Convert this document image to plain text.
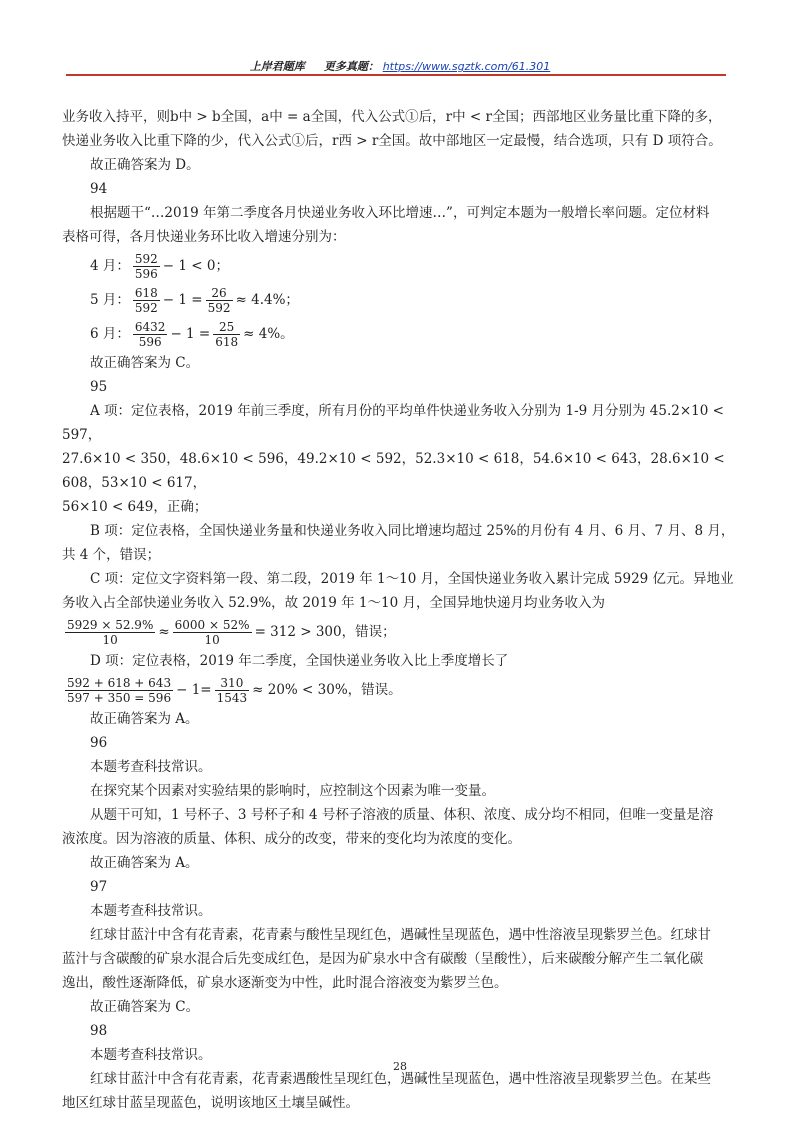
上岸君题库 更多真题： https://www.sgztk.com/61.301

业务收入持平，则b中 > b全国，a中 = a全国，代入公式①后，r中 < r全国；西部地区业务量比重下降的多，

快递业务收入比重下降的少，代入公式①后，r西 > r全国。故中部地区一定最慢，结合选项，只有 D 项符合。

故正确答案为 D。

94

根据题干“…2019 年第二季度各月快递业务收入环比增速…”，可判定本题为一般增长率问题。定位材料

表格可得，各月快递业务环比收入增速分别为：

4 月： $\frac{592}{596} - 1 < 0$；

5 月： $\frac{618}{592} - 1 = \frac{26}{592} \approx 4.4\%$；

6 月： $\frac{6432}{596} - 1 = \frac{25}{618} \approx 4\%$。

故正确答案为 C。

95

A 项：定位表格，2019 年前三季度，所有月份的平均单件快递业务收入分别为 1-9 月分别为 45.2×10 < 597，

27.6×10 < 350，48.6×10 < 596，49.2×10 < 592，52.3×10 < 618，54.6×10 < 643，28.6×10 < 608，53×10 < 617，

56×10 < 649，正确；

B 项：定位表格，全国快递业务量和快递业务收入同比增速均超过 25%的月份有 4 月、6 月、7 月、8 月，

共 4 个，错误；

C 项：定位文字资料第一段、第二段，2019 年 1～10 月，全国快递业务收入累计完成 5929 亿元。异地业

务收入占全部快递业务收入 52.9%，故 2019 年 1～10 月，全国异地快递月均业务收入为

$\frac{5929 \times 52.9\%}{10} \approx \frac{6000 \times 52\%}{10} = 312 > 300$，错误；

D 项：定位表格，2019 年二季度，全国快递业务收入比上季度增长了

$\frac{592 + 618 + 643}{597 + 350 = 596} - 1= \frac{310}{1543} \approx 20\% < 30\%$，错误。

故正确答案为 A。

96

本题考查科技常识。

在探究某个因素对实验结果的影响时，应控制这个因素为唯一变量。

从题干可知，1 号杯子、3 号杯子和 4 号杯子溶液的质量、体积、浓度、成分均不相同，但唯一变量是溶

液浓度。因为溶液的质量、体积、成分的改变，带来的变化均为浓度的变化。

故正确答案为 A。

97

本题考查科技常识。

红球甘蓝汁中含有花青素，花青素与酸性呈现红色，遇碱性呈现蓝色，遇中性溶液呈现紫罗兰色。红球甘

蓝汁与含碳酸的矿泉水混合后先变成红色，是因为矿泉水中含有碳酸（呈酸性），后来碳酸分解产生二氧化碳

逸出，酸性逐渐降低，矿泉水逐渐变为中性，此时混合溶液变为紫罗兰色。

故正确答案为 C。

98

本题考查科技常识。

红球甘蓝汁中含有花青素，花青素遇酸性呈现红色，遇碱性呈现蓝色，遇中性溶液呈现紫罗兰色。在某些

地区红球甘蓝呈现蓝色，说明该地区土壤呈碱性。

28
